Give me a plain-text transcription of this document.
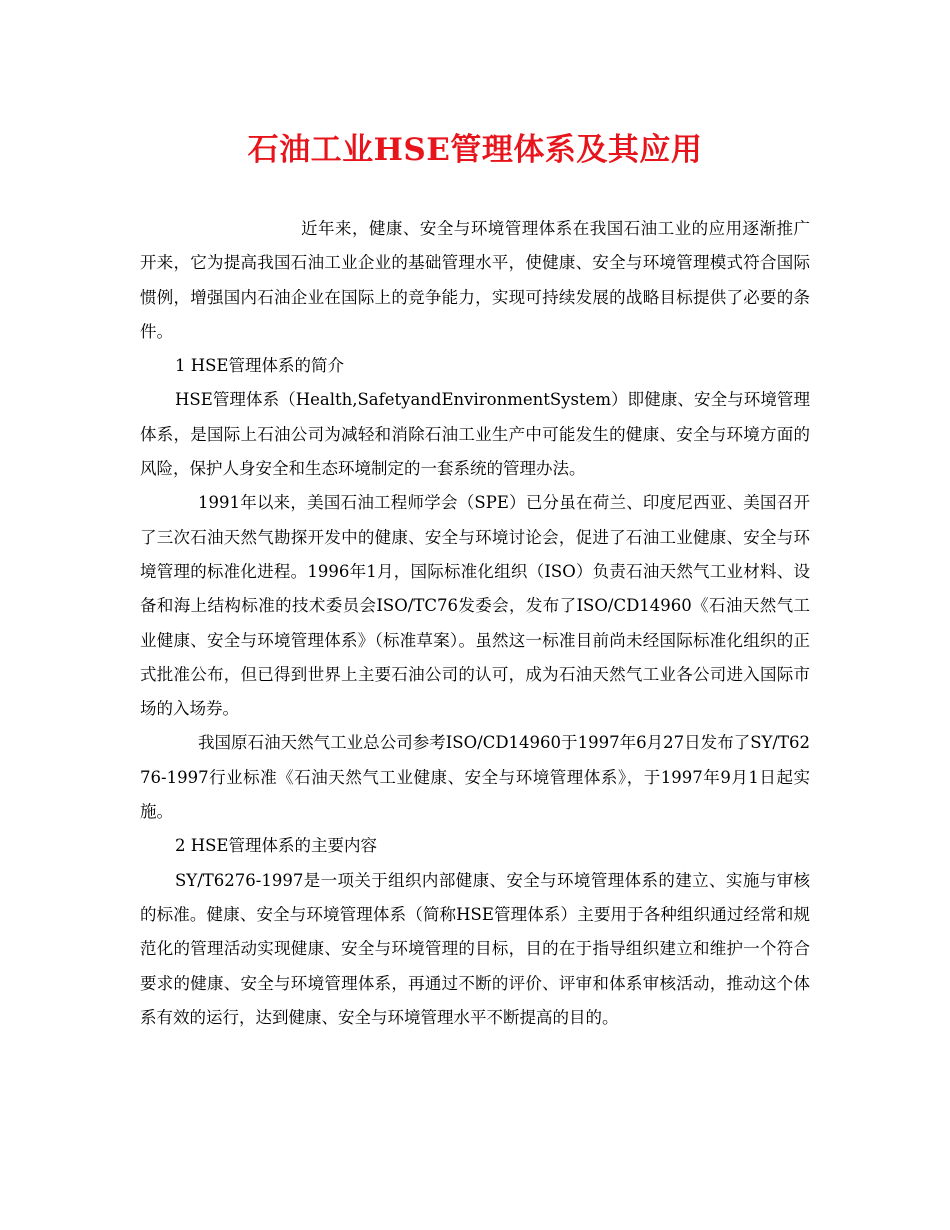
石油工业HSE管理体系及其应用

近年来，健康、安全与环境管理体系在我国石油工业的应用逐渐推广开来，它为提高我国石油工业企业的基础管理水平，使健康、安全与环境管理模式符合国际惯例，增强国内石油企业在国际上的竞争能力，实现可持续发展的战略目标提供了必要的条件。

1 HSE管理体系的简介

HSE管理体系（Health,SafetyandEnvironmentSystem）即健康、安全与环境管理体系，是国际上石油公司为减轻和消除石油工业生产中可能发生的健康、安全与环境方面的风险，保护人身安全和生态环境制定的一套系统的管理办法。

1991年以来，美国石油工程师学会（SPE）已分虽在荷兰、印度尼西亚、美国召开了三次石油天然气勘探开发中的健康、安全与环境讨论会，促进了石油工业健康、安全与环境管理的标准化进程。1996年1月，国际标准化组织（ISO）负责石油天然气工业材料、设备和海上结构标准的技术委员会ISO/TC76发委会，发布了ISO/CD14960《石油天然气工业健康、安全与环境管理体系》（标准草案）。虽然这一标准目前尚未经国际标准化组织的正式批准公布，但已得到世界上主要石油公司的认可，成为石油天然气工业各公司进入国际市场的入场券。

我国原石油天然气工业总公司参考ISO/CD14960于1997年6月27日发布了SY/T6276-1997行业标准《石油天然气工业健康、安全与环境管理体系》，于1997年9月1日起实施。

2 HSE管理体系的主要内容

SY/T6276-1997是一项关于组织内部健康、安全与环境管理体系的建立、实施与审核的标准。健康、安全与环境管理体系（简称HSE管理体系）主要用于各种组织通过经常和规范化的管理活动实现健康、安全与环境管理的目标，目的在于指导组织建立和维护一个符合要求的健康、安全与环境管理体系，再通过不断的评价、评审和体系审核活动，推动这个体系有效的运行，达到健康、安全与环境管理水平不断提高的目的。
